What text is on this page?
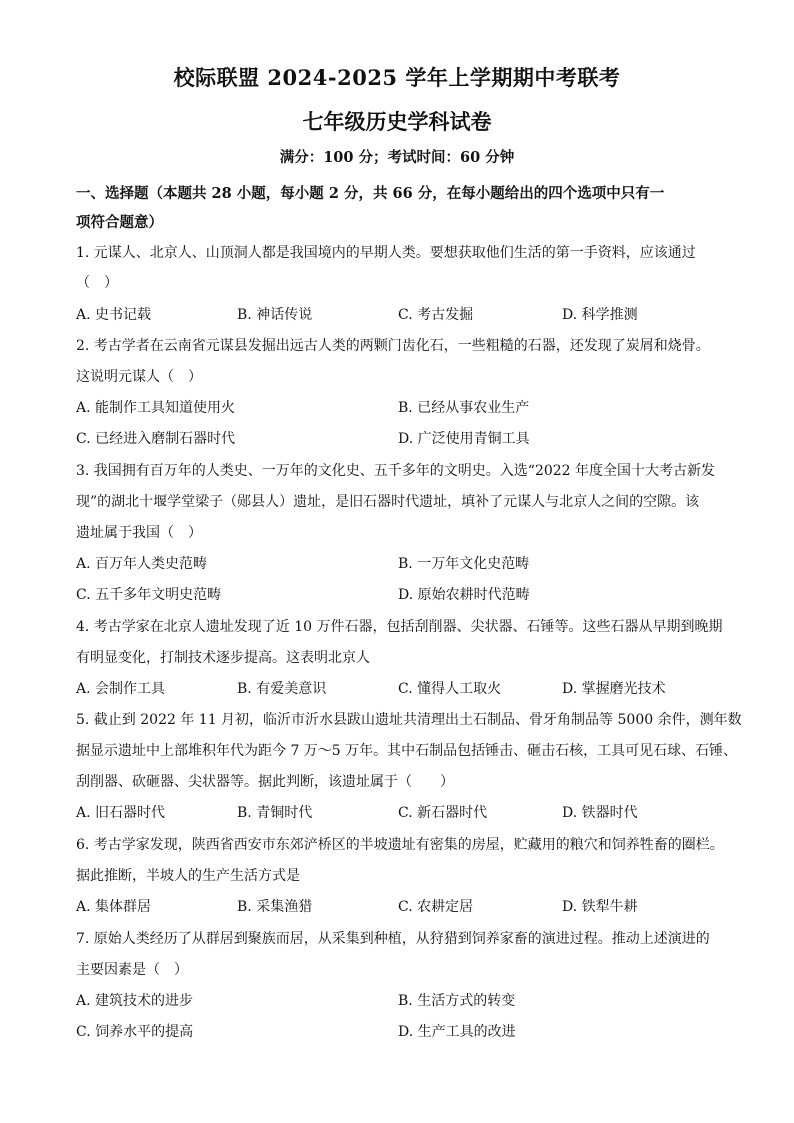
校际联盟 2024-2025 学年上学期期中考联考
七年级历史学科试卷
满分：100 分；考试时间：60 分钟
一、选择题（本题共 28 小题，每小题 2 分，共 66 分，在每小题给出的四个选项中只有一
项符合题意）
1. 元谋人、北京人、山顶洞人都是我国境内的早期人类。要想获取他们生活的第一手资料，应该通过
（　）
A. 史书记载	B. 神话传说	C. 考古发掘	D. 科学推测
2. 考古学者在云南省元谋县发掘出远古人类的两颗门齿化石，一些粗糙的石器，还发现了炭屑和烧骨。
这说明元谋人（　）
A. 能制作工具知道使用火	B. 已经从事农业生产
C. 已经进入磨制石器时代	D. 广泛使用青铜工具
3. 我国拥有百万年的人类史、一万年的文化史、五千多年的文明史。入选“2022 年度全国十大考古新发
现”的湖北十堰学堂梁子（郧县人）遗址，是旧石器时代遗址，填补了元谋人与北京人之间的空隙。该
遗址属于我国（　）
A. 百万年人类史范畴	B. 一万年文化史范畴
C. 五千多年文明史范畴	D. 原始农耕时代范畴
4. 考古学家在北京人遗址发现了近 10 万件石器，包括刮削器、尖状器、石锤等。这些石器从早期到晚期
有明显变化，打制技术逐步提高。这表明北京人
A. 会制作工具	B. 有爱美意识	C. 懂得人工取火	D. 掌握磨光技术
5. 截止到 2022 年 11 月初，临沂市沂水县跋山遗址共清理出土石制品、骨牙角制品等 5000 余件，测年数
据显示遗址中上部堆积年代为距今 7 万～5 万年。其中石制品包括锤击、砸击石核，工具可见石球、石锤、
刮削器、砍砸器、尖状器等。据此判断，该遗址属于（　　）
A. 旧石器时代	B. 青铜时代	C. 新石器时代	D. 铁器时代
6. 考古学家发现，陕西省西安市东郊浐桥区的半坡遗址有密集的房屋，贮藏用的粮穴和饲养牲畜的圈栏。
据此推断，半坡人的生产生活方式是
A. 集体群居	B. 采集渔猎	C. 农耕定居	D. 铁犁牛耕
7. 原始人类经历了从群居到聚族而居，从采集到种植，从狩猎到饲养家畜的演进过程。推动上述演进的
主要因素是（　）
A. 建筑技术的进步	B. 生活方式的转变
C. 饲养水平的提高	D. 生产工具的改进
